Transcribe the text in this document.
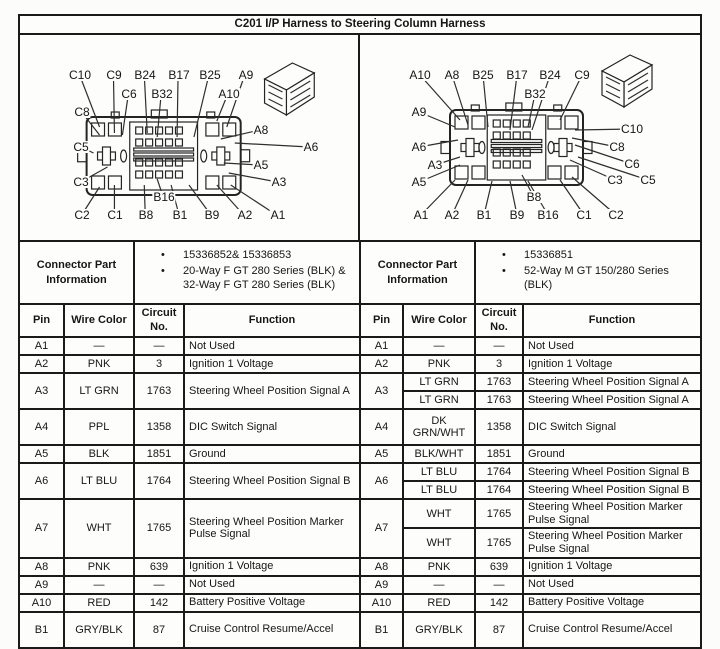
C201 I/P Harness to Steering Column Harness
C10 C9 B24 B17 B25 A9
C6 B32	A10
C8
C5
C3
A8
A6
A5
A3
C2 C1 B8
B16
B1 B9 A2 A1
A10 A8 B25 B17 B24 C9
B32
A9
C10
A6	C8
A3	C6
A5	C3 C5
A1 A2 B1 B9
B8
B16 C1 C2
Connector Part Information	
•	15336852& 15336853
•	20-Way F GT 280 Series (BLK) & 32-Way F GT 280 Series (BLK)
	Connector Part Information	
•	15336851
•	52-Way M GT 150/280 Series (BLK)
Pin	Wire Color	Circuit No.	Function	Pin	Wire Color	Circuit No.	Function
A1	—	—	Not Used	A1	—	—	Not Used
A2	PNK	3	Ignition 1 Voltage	A2	PNK	3	Ignition 1 Voltage
A3	LT GRN	1763	Steering Wheel Position Signal A	A3	LT GRN	1763	Steering Wheel Position Signal A
					LT GRN	1763	Steering Wheel Position Signal A
A4	PPL	1358	DIC Switch Signal	A4	DK GRN/WHT	1358	DIC Switch Signal
A5	BLK	1851	Ground	A5	BLK/WHT	1851	Ground
A6	LT BLU	1764	Steering Wheel Position Signal B	A6	LT BLU	1764	Steering Wheel Position Signal B
					LT BLU	1764	Steering Wheel Position Signal B
A7	WHT	1765	Steering Wheel Position Marker Pulse Signal	A7	WHT	1765	Steering Wheel Position Marker Pulse Signal
					WHT	1765	Steering Wheel Position Marker Pulse Signal
A8	PNK	639	Ignition 1 Voltage	A8	PNK	639	Ignition 1 Voltage
A9	—	—	Not Used	A9	—	—	Not Used
A10	RED	142	Battery Positive Voltage	A10	RED	142	Battery Positive Voltage
B1	GRY/BLK	87	Cruise Control Resume/Accel	B1	GRY/BLK	87	Cruise Control Resume/Accel
